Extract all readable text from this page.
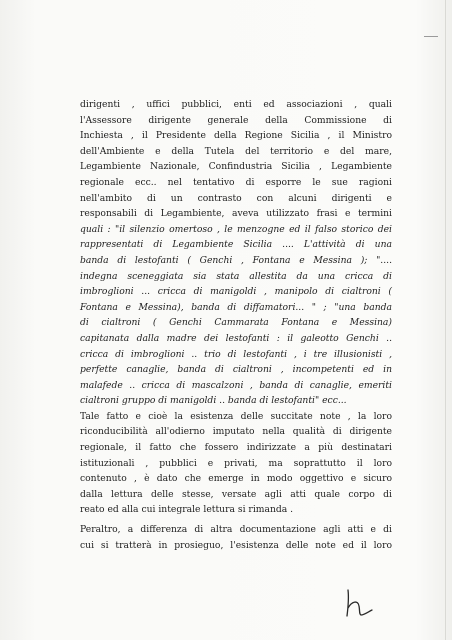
dirigenti , uffici pubblici, enti ed associazioni , quali
l'Assessore dirigente generale della Commissione di
Inchiesta , il Presidente della Regione Sicilia , il Ministro
dell'Ambiente e della Tutela del territorio e del mare,
Legambiente Nazionale, Confindustria Sicilia , Legambiente
regionale ecc.. nel tentativo di esporre le sue ragioni
nell'ambito di un contrasto con alcuni dirigenti e
responsabili di Legambiente, aveva utilizzato frasi e termini
quali : "il silenzio omertoso , le menzogne ed il falso storico dei
rappresentati di Legambiente Sicilia .... L'attività di una
banda di lestofanti ( Genchi , Fontana e Messina ); "....
indegna sceneggiata sia stata allestita da una cricca di
imbroglioni ... cricca di manigoldi , manipolo di cialtroni (
Fontana e Messina), banda di diffamatori... " ; "una banda
di cialtroni ( Genchi Cammarata Fontana e Messina)
capitanata dalla madre dei lestofanti : il galeotto Genchi ..
cricca di imbroglioni .. trio di lestofanti , i tre illusionisti ,
perfette canaglie, banda di cialtroni , incompetenti ed in
malafede .. cricca di mascalzoni , banda di canaglie, emeriti
cialtroni gruppo di manigoldi .. banda di lestofanti" ecc...
Tale fatto e cioè la esistenza delle succitate note , la loro
riconducibilità all'odierno imputato nella qualità di dirigente
regionale, il fatto che fossero indirizzate a più destinatari
istituzionali , pubblici e privati, ma soprattutto il loro
contenuto , è dato che emerge in modo oggettivo e sicuro
dalla lettura delle stesse, versate agli atti quale corpo di
reato ed alla cui integrale lettura si rimanda .
Peraltro, a differenza di altra documentazione agli atti e di
cui si tratterà in prosieguo, l'esistenza delle note ed il loro
